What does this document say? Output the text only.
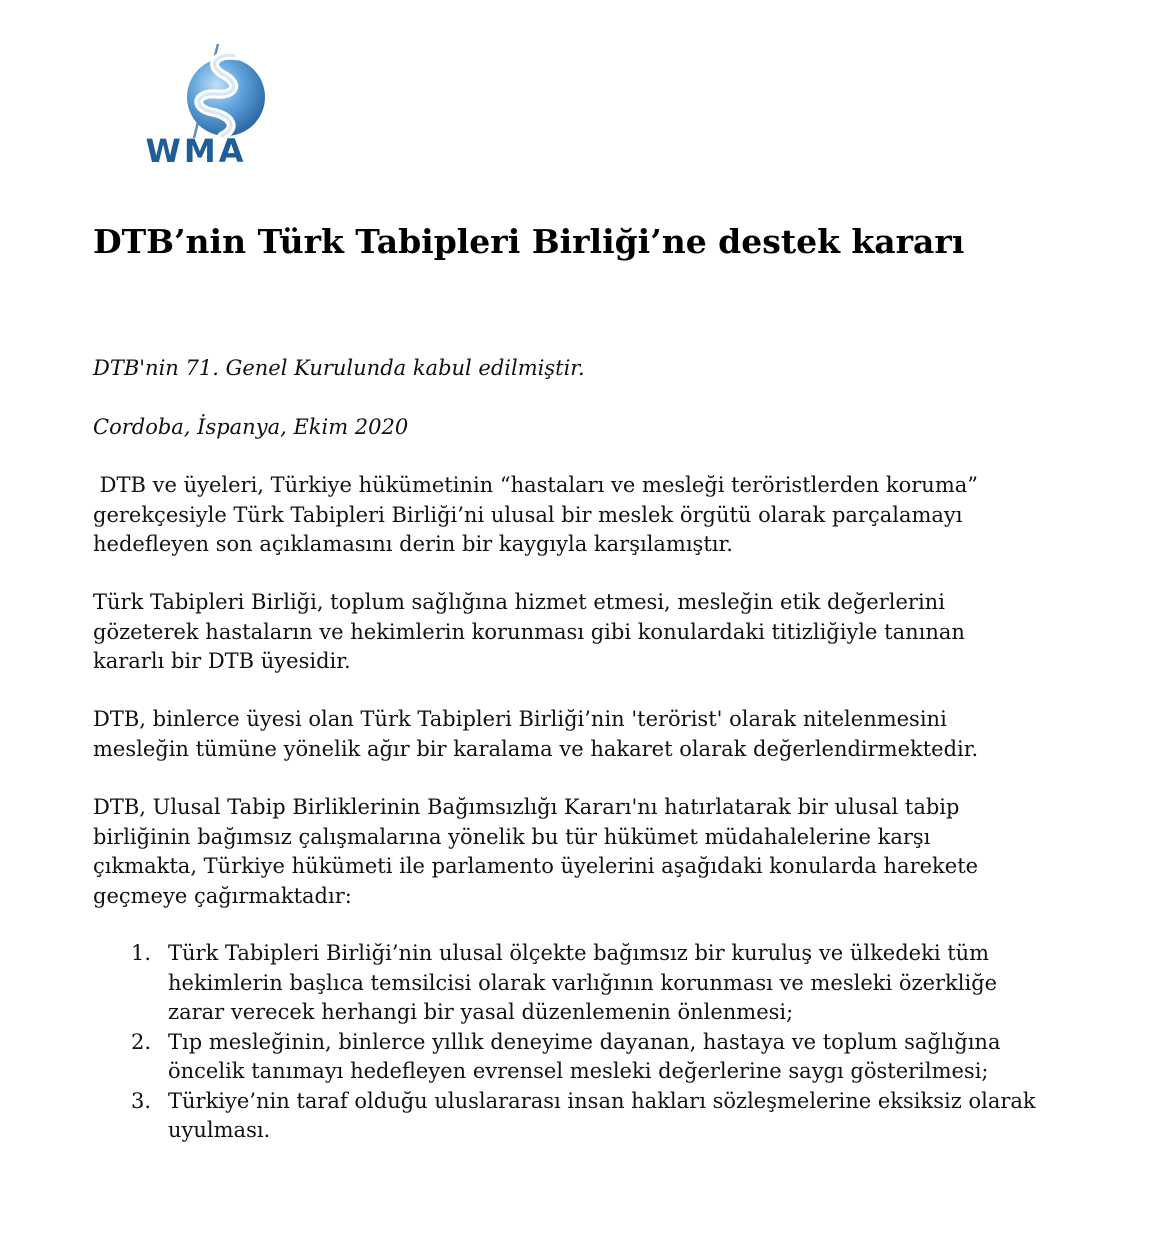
WMA
DTB’nin Türk Tabipleri Birliği’ne destek kararı
DTB'nin 71. Genel Kurulunda kabul edilmiştir.
Cordoba, İspanya, Ekim 2020

DTB ve üyeleri, Türkiye hükümetinin “hastaları ve mesleği teröristlerden koruma”
gerekçesiyle Türk Tabipleri Birliği’ni ulusal bir meslek örgütü olarak parçalamayı
hedefleyen son açıklamasını derin bir kaygıyla karşılamıştır.

Türk Tabipleri Birliği, toplum sağlığına hizmet etmesi, mesleğin etik değerlerini
gözeterek hastaların ve hekimlerin korunması gibi konulardaki titizliğiyle tanınan
kararlı bir DTB üyesidir.

DTB, binlerce üyesi olan Türk Tabipleri Birliği’nin 'terörist' olarak nitelenmesini
mesleğin tümüne yönelik ağır bir karalama ve hakaret olarak değerlendirmektedir.

DTB, Ulusal Tabip Birliklerinin Bağımsızlığı Kararı'nı hatırlatarak bir ulusal tabip
birliğinin bağımsız çalışmalarına yönelik bu tür hükümet müdahalelerine karşı
çıkmakta, Türkiye hükümeti ile parlamento üyelerini aşağıdaki konularda harekete
geçmeye çağırmaktadır:

1. Türk Tabipleri Birliği’nin ulusal ölçekte bağımsız bir kuruluş ve ülkedeki tüm
hekimlerin başlıca temsilcisi olarak varlığının korunması ve mesleki özerkliğe
zarar verecek herhangi bir yasal düzenlemenin önlenmesi;
2. Tıp mesleğinin, binlerce yıllık deneyime dayanan, hastaya ve toplum sağlığına
öncelik tanımayı hedefleyen evrensel mesleki değerlerine saygı gösterilmesi;
3. Türkiye’nin taraf olduğu uluslararası insan hakları sözleşmelerine eksiksiz olarak
uyulması.
